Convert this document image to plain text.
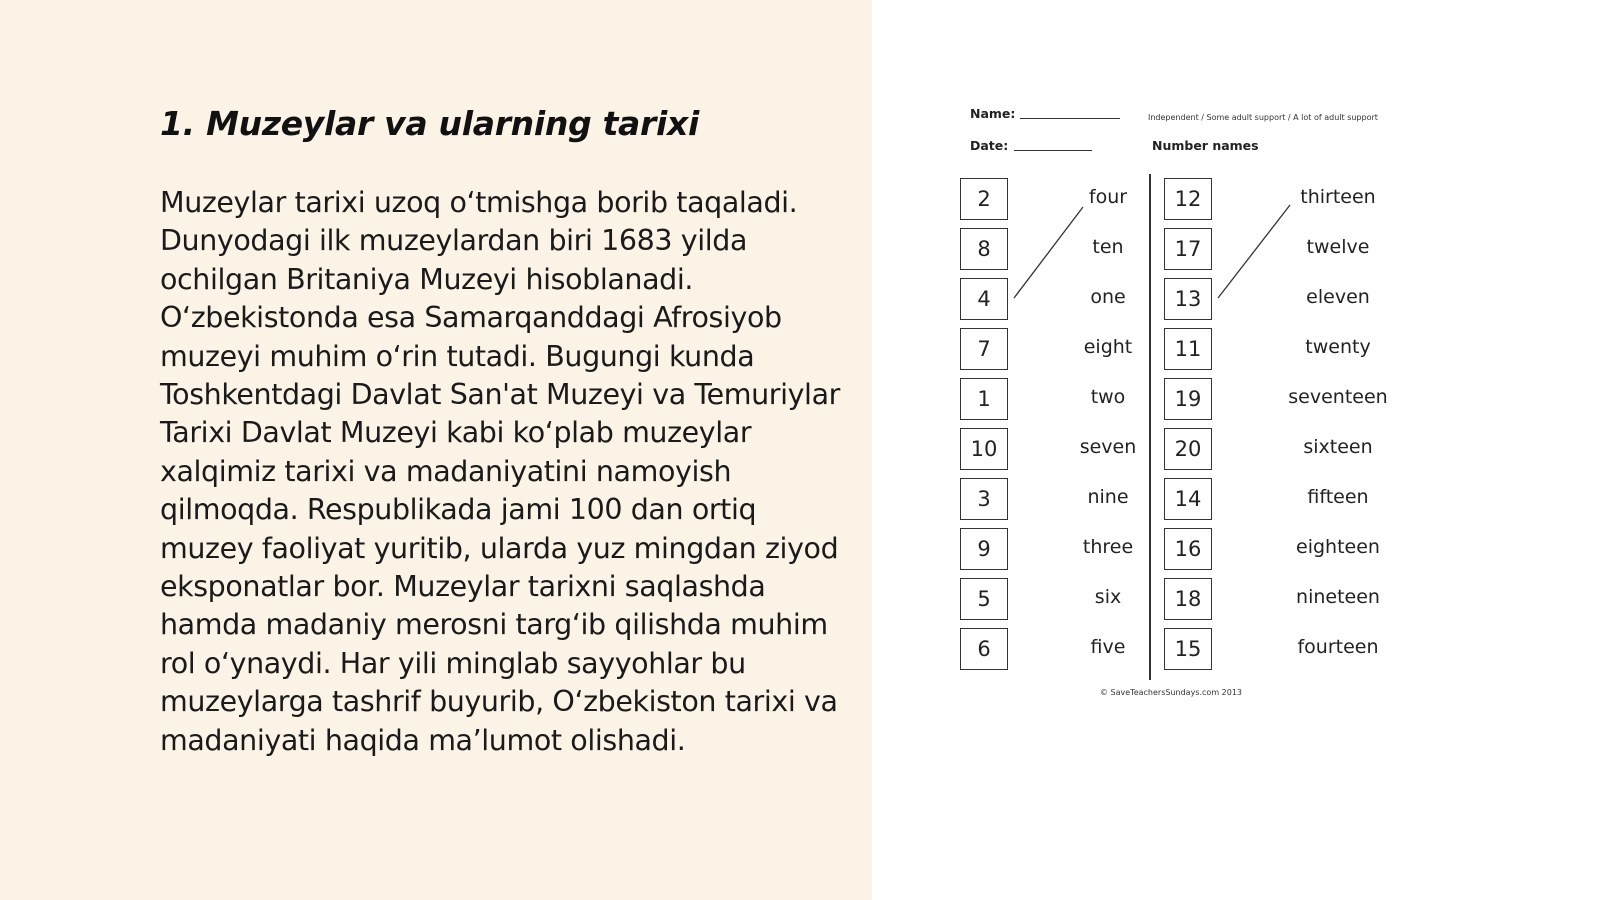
1. Muzeylar va ularning tarixi

Muzeylar tarixi uzoq o‘tmishga borib taqaladi. Dunyodagi ilk muzeylardan biri 1683 yilda ochilgan Britaniya Muzeyi hisoblanadi. O‘zbekistonda esa Samarqanddagi Afrosiyob muzeyi muhim o‘rin tutadi. Bugungi kunda Toshkentdagi Davlat San'at Muzeyi va Temuriylar Tarixi Davlat Muzeyi kabi ko‘plab muzeylar xalqimiz tarixi va madaniyatini namoyish qilmoqda. Respublikada jami 100 dan ortiq muzey faoliyat yuritib, ularda yuz mingdan ziyod eksponatlar bor. Muzeylar tarixni saqlashda hamda madaniy merosni targ‘ib qilishda muhim rol o‘ynaydi. Har yili minglab sayyohlar bu muzeylarga tashrif buyurib, O‘zbekiston tarixi va madaniyati haqida ma’lumot olishadi.

Name:	Independent / Some adult support / A lot of adult support
Date:	Number names
2	four	12	thirteen
8	ten	17	twelve
4	one	13	eleven
7	eight	11	twenty
1	two	19	seventeen
10	seven	20	sixteen
3	nine	14	fifteen
9	three	16	eighteen
5	six	18	nineteen
6	five	15	fourteen
© SaveTeachersSundays.com 2013
